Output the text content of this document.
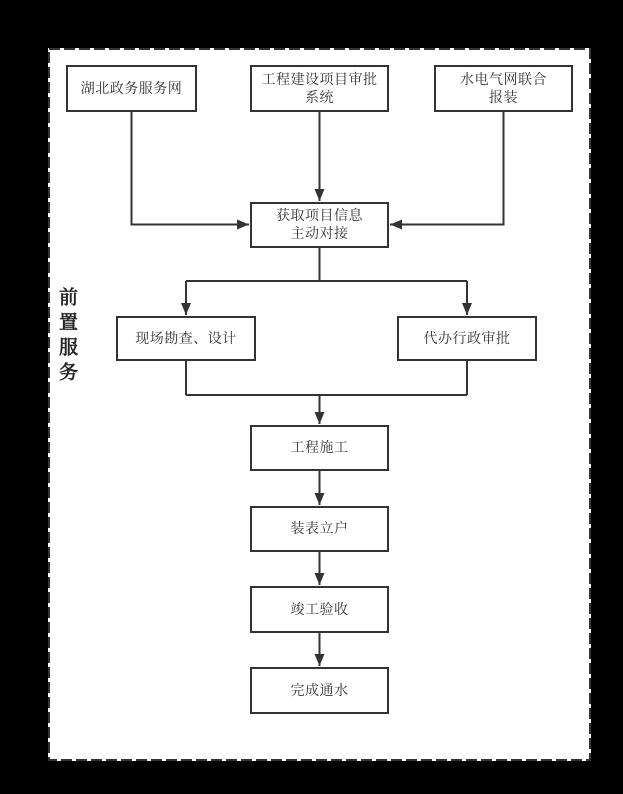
前置服务
湖北政务服务网
工程建设项目审批
系统
水电气网联合
报装
获取项目信息
主动对接
现场勘查、设计	代办行政审批
工程施工
装表立户
竣工验收
完成通水
